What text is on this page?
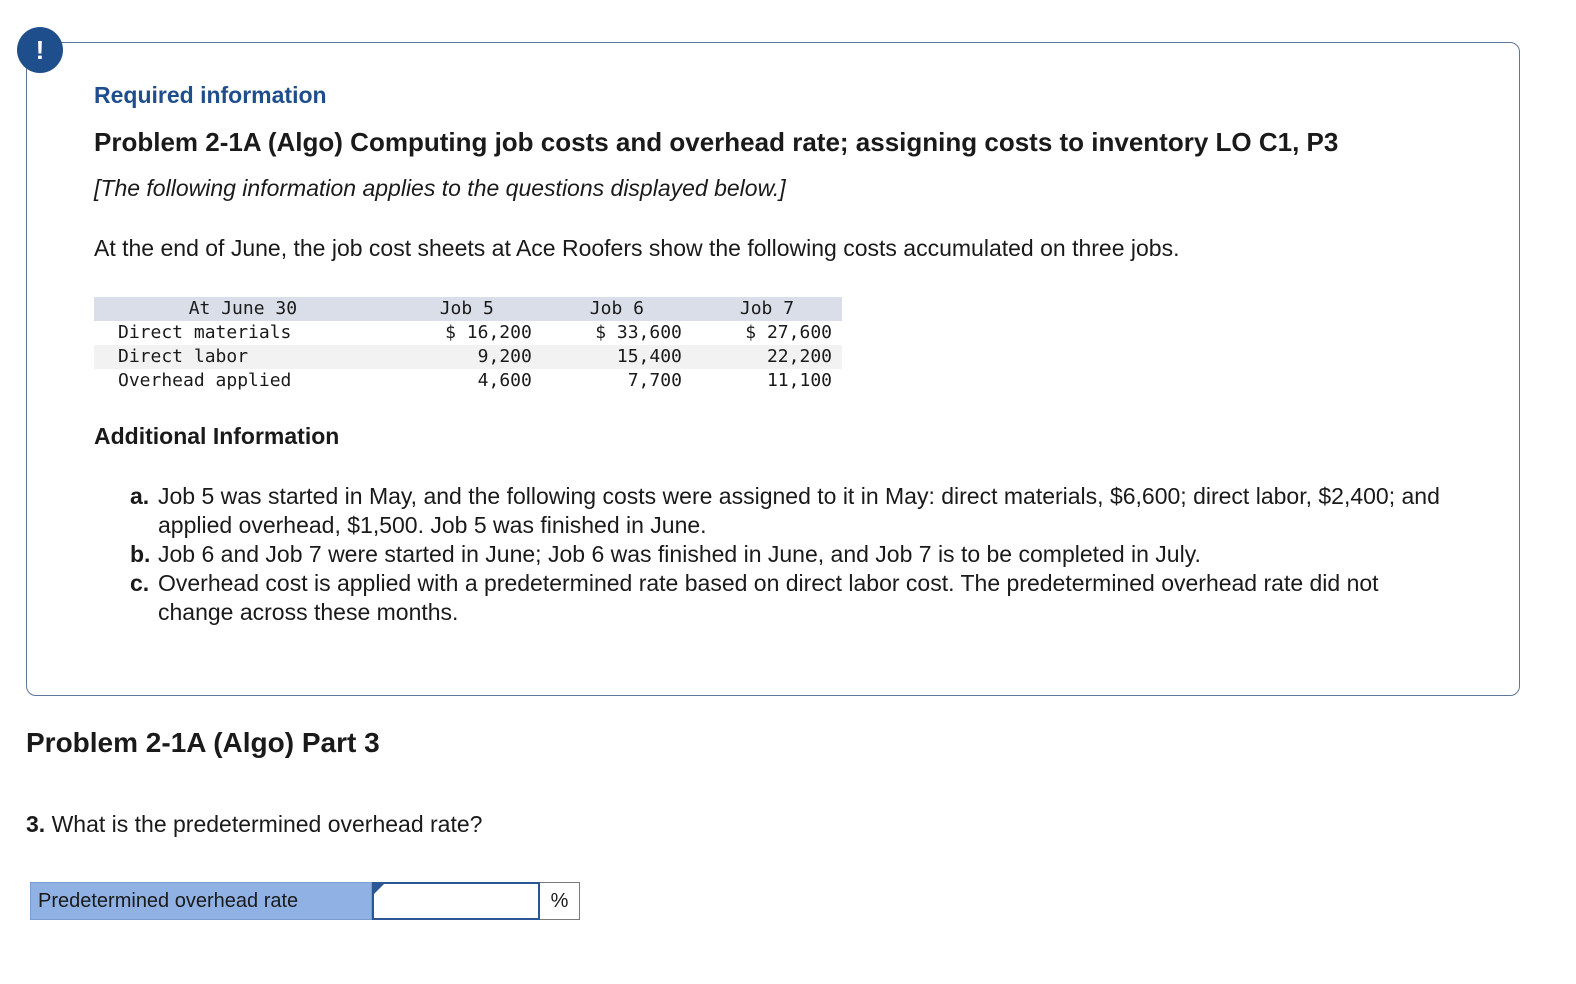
!
Required information
Problem 2-1A (Algo) Computing job costs and overhead rate; assigning costs to inventory LO C1, P3
[The following information applies to the questions displayed below.]
At the end of June, the job cost sheets at Ace Roofers show the following costs accumulated on three jobs.
At June 30	Job 5	Job 6	Job 7
Direct materials	$ 16,200	$ 33,600	$ 27,600
Direct labor	9,200	15,400	22,200
Overhead applied	4,600	7,700	11,100
Additional Information
a. Job 5 was started in May, and the following costs were assigned to it in May: direct materials, $6,600; direct labor, $2,400; and applied overhead, $1,500. Job 5 was finished in June.
b. Job 6 and Job 7 were started in June; Job 6 was finished in June, and Job 7 is to be completed in July.
c. Overhead cost is applied with a predetermined rate based on direct labor cost. The predetermined overhead rate did not change across these months.
Problem 2-1A (Algo) Part 3
3. What is the predetermined overhead rate?
Predetermined overhead rate	%
